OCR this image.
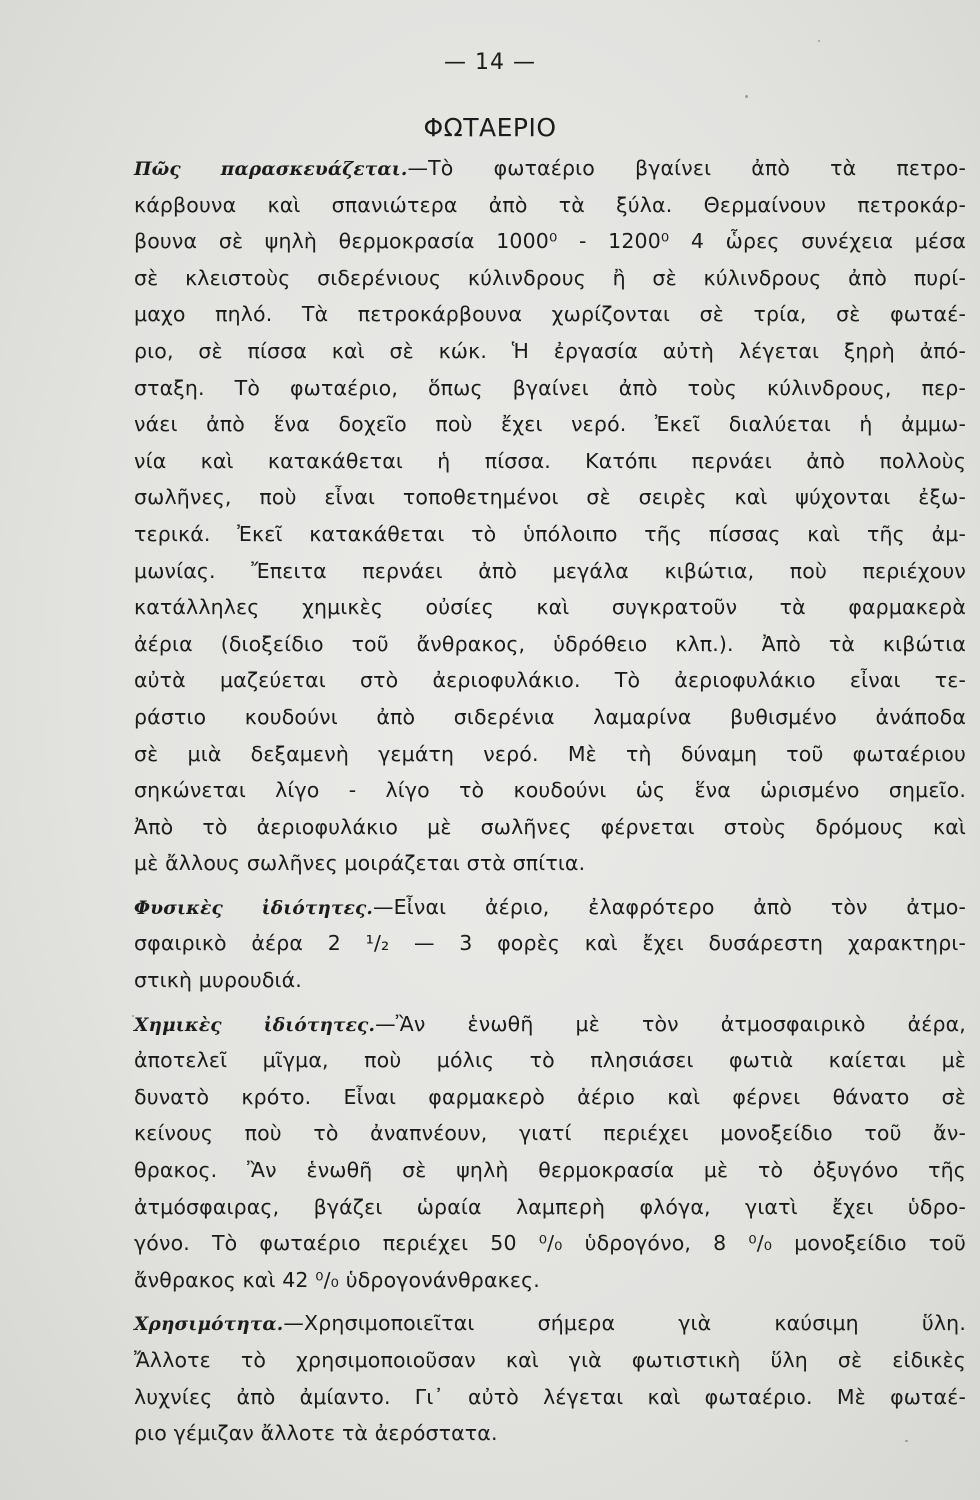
— 14 —
ΦΩΤΑΕΡΙΟ
Πῶς παρασκευάζεται.—Τὸ φωταέριο βγαίνει ἀπὸ τὰ πετρο-
κάρβουνα καὶ σπανιώτερα ἀπὸ τὰ ξύλα. Θερμαίνουν πετροκάρ-
βουνα σὲ ψηλὴ θερμοκρασία 1000⁰ - 1200⁰ 4 ὧρες συνέχεια μέσα
σὲ κλειστοὺς σιδερένιους κύλινδρους ἢ σὲ κύλινδρους ἀπὸ πυρί-
μαχο πηλό. Τὰ πετροκάρβουνα χωρίζονται σὲ τρία, σὲ φωταέ-
ριο, σὲ πίσσα καὶ σὲ κώκ. Ἡ ἐργασία αὐτὴ λέγεται ξηρὴ ἀπό-
σταξη. Τὸ φωταέριο, ὅπως βγαίνει ἀπὸ τοὺς κύλινδρους, περ-
νάει ἀπὸ ἕνα δοχεῖο ποὺ ἔχει νερό. Ἐκεῖ διαλύεται ἡ ἀμμω-
νία καὶ κατακάθεται ἡ πίσσα. Κατόπι περνάει ἀπὸ πολλοὺς
σωλῆνες, ποὺ εἶναι τοποθετημένοι σὲ σειρὲς καὶ ψύχονται ἐξω-
τερικά. Ἐκεῖ κατακάθεται τὸ ὑπόλοιπο τῆς πίσσας καὶ τῆς ἀμ-
μωνίας. Ἔπειτα περνάει ἀπὸ μεγάλα κιβώτια, ποὺ περιέχουν
κατάλληλες χημικὲς οὐσίες καὶ συγκρατοῦν τὰ φαρμακερὰ
ἀέρια (διοξείδιο τοῦ ἄνθρακος, ὑδρόθειο κλπ.). Ἀπὸ τὰ κιβώτια
αὐτὰ μαζεύεται στὸ ἀεριοφυλάκιο. Τὸ ἀεριοφυλάκιο εἶναι τε-
ράστιο κουδούνι ἀπὸ σιδερένια λαμαρίνα βυθισμένο ἀνάποδα
σὲ μιὰ δεξαμενὴ γεμάτη νερό. Μὲ τὴ δύναμη τοῦ φωταέριου
σηκώνεται λίγο - λίγο τὸ κουδούνι ὡς ἕνα ὡρισμένο σημεῖο.
Ἀπὸ τὸ ἀεριοφυλάκιο μὲ σωλῆνες φέρνεται στοὺς δρόμους καὶ
μὲ ἄλλους σωλῆνες μοιράζεται στὰ σπίτια.
Φυσικὲς ἰδιότητες.—Εἶναι ἀέριο, ἐλαφρότερο ἀπὸ τὸν ἀτμο-
σφαιρικὸ ἀέρα 2 ¹/₂ — 3 φορὲς καὶ ἔχει δυσάρεστη χαρακτηρι-
στικὴ μυρουδιά.
Χημικὲς ἰδιότητες.—Ἂν ἑνωθῆ μὲ τὸν ἀτμοσφαιρικὸ ἀέρα,
ἀποτελεῖ μῖγμα, ποὺ μόλις τὸ πλησιάσει φωτιὰ καίεται μὲ
δυνατὸ κρότο. Εἶναι φαρμακερὸ ἀέριο καὶ φέρνει θάνατο σὲ
κείνους ποὺ τὸ ἀναπνέουν, γιατί περιέχει μονοξείδιο τοῦ ἄν-
θρακος. Ἂν ἑνωθῆ σὲ ψηλὴ θερμοκρασία μὲ τὸ ὀξυγόνο τῆς
ἀτμόσφαιρας, βγάζει ὡραία λαμπερὴ φλόγα, γιατὶ ἔχει ὑδρο-
γόνο. Τὸ φωταέριο περιέχει 50 ⁰/₀ ὑδρογόνο, 8 ⁰/₀ μονοξείδιο τοῦ
ἄνθρακος καὶ 42 ⁰/₀ ὑδρογονάνθρακες.
Χρησιμότητα.—Χρησιμοποιεῖται σήμερα γιὰ καύσιμη ὕλη.
Ἄλλοτε τὸ χρησιμοποιοῦσαν καὶ γιὰ φωτιστικὴ ὕλη σὲ εἰδικὲς
λυχνίες ἀπὸ ἀμίαντο. Γι᾽ αὐτὸ λέγεται καὶ φωταέριο. Μὲ φωταέ-
ριο γέμιζαν ἄλλοτε τὰ ἀερόστατα.
